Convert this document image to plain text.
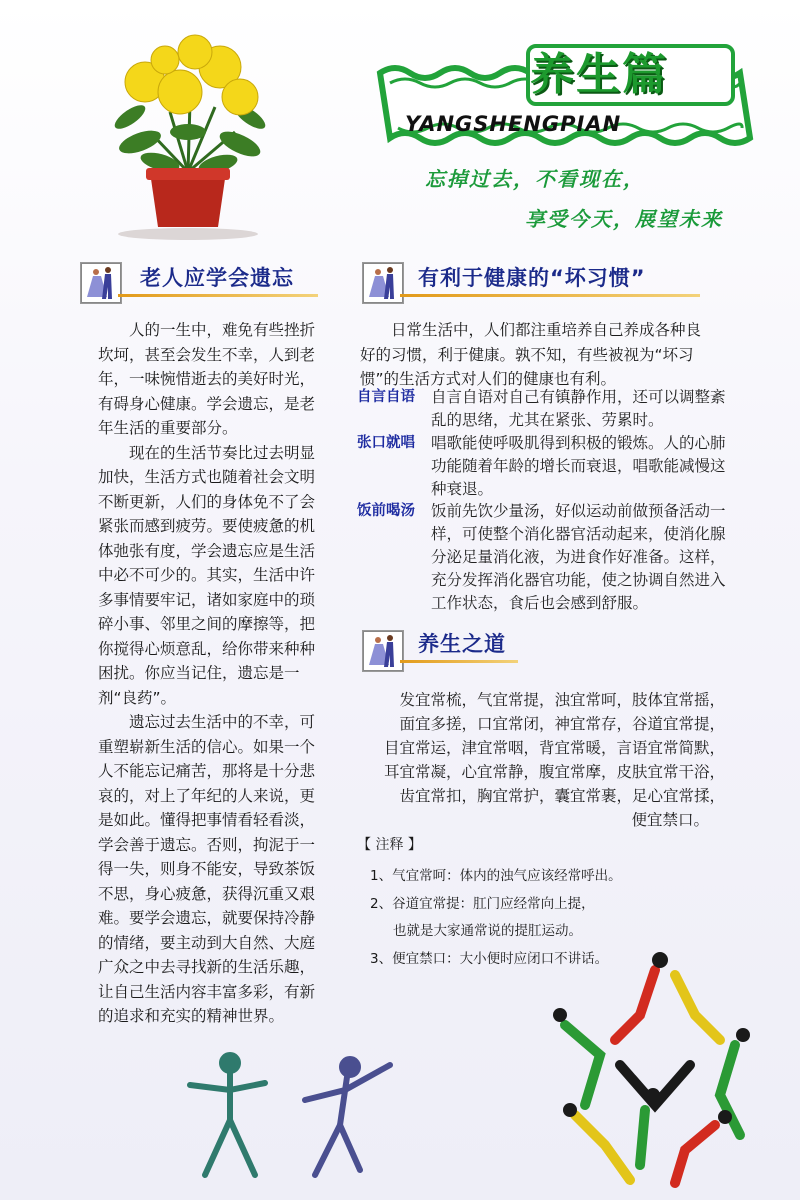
养生篇
YANGSHENGPIAN
忘掉过去，不看现在，
享受今天，展望未来
老人应学会遗忘

人的一生中，难免有些挫折坎坷，甚至会发生不幸，人到老年，一味惋惜逝去的美好时光，有碍身心健康。学会遗忘，是老年生活的重要部分。

现在的生活节奏比过去明显加快，生活方式也随着社会文明不断更新，人们的身体免不了会紧张而感到疲劳。要使疲惫的机体弛张有度，学会遗忘应是生活中必不可少的。其实，生活中许多事情要牢记，诸如家庭中的琐碎小事、邻里之间的摩擦等，把你搅得心烦意乱，给你带来种种困扰。你应当记住，遗忘是一剂“良药”。

遗忘过去生活中的不幸，可重塑崭新生活的信心。如果一个人不能忘记痛苦，那将是十分悲哀的，对上了年纪的人来说，更是如此。懂得把事情看轻看淡，学会善于遗忘。否则，拘泥于一得一失，则身不能安，导致茶饭不思，身心疲惫，获得沉重又艰难。要学会遗忘，就要保持冷静的情绪，要主动到大自然、大庭广众之中去寻找新的生活乐趣，让自己生活内容丰富多彩，有新的追求和充实的精神世界。

有利于健康的“坏习惯”

日常生活中，人们都注重培养自己养成各种良好的习惯，利于健康。孰不知，有些被视为“坏习惯”的生活方式对人们的健康也有利。

自言自语	自言自语对自己有镇静作用，还可以调整紊乱的思绪，尤其在紧张、劳累时。
张口就唱	唱歌能使呼吸肌得到积极的锻炼。人的心肺功能随着年龄的增长而衰退，唱歌能减慢这种衰退。
饭前喝汤	饭前先饮少量汤，好似运动前做预备活动一样，可使整个消化器官活动起来，使消化腺分泌足量消化液，为进食作好准备。这样，充分发挥消化器官功能，使之协调自然进入工作状态，食后也会感到舒服。
养生之道
发宜常梳，气宜常提，浊宜常呵，肢体宜常摇，
面宜多搓，口宜常闭，神宜常存，谷道宜常提，
目宜常运，津宜常咽，背宜常暖，言语宜常简默，
耳宜常凝，心宜常静，腹宜常摩，皮肤宜常干浴，
齿宜常扣，胸宜常护，囊宜常裹，足心宜常揉，
便宜禁口。
【 注释 】
1、气宜常呵：体内的浊气应该经常呼出。
2、谷道宜常提：肛门应经常向上提，
也就是大家通常说的提肛运动。
3、便宜禁口：大小便时应闭口不讲话。
